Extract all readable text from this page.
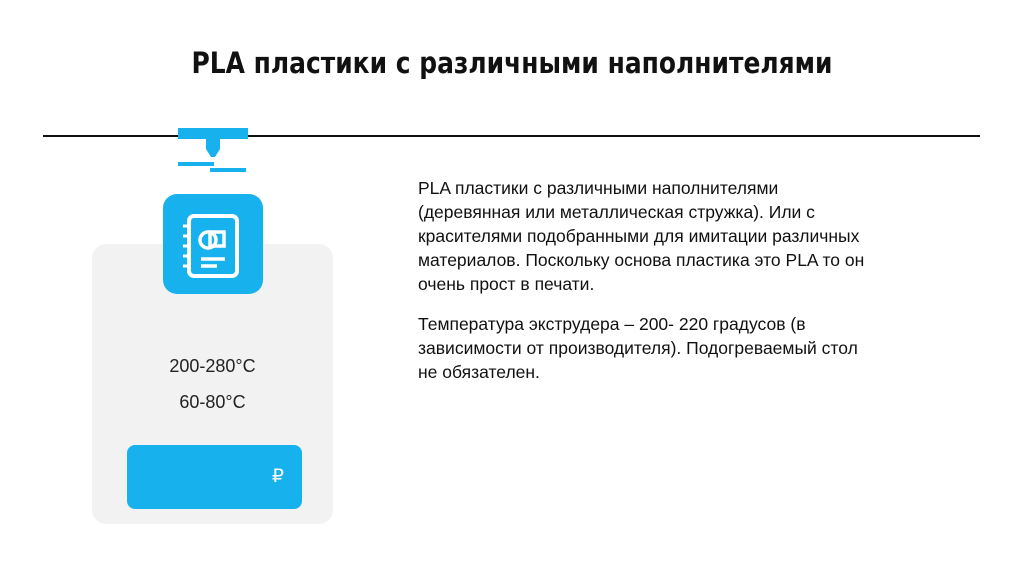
PLA пластики с различными наполнителями
200-280°C
60-80°C
₽

PLA пластики с различными наполнителями
(деревянная или металлическая стружка). Или с
красителями подобранными для имитации различных
материалов. Поскольку основа пластика это PLA то он
очень прост в печати.

Температура экструдера – 200- 220 градусов (в
зависимости от производителя). Подогреваемый стол
не обязателен.
